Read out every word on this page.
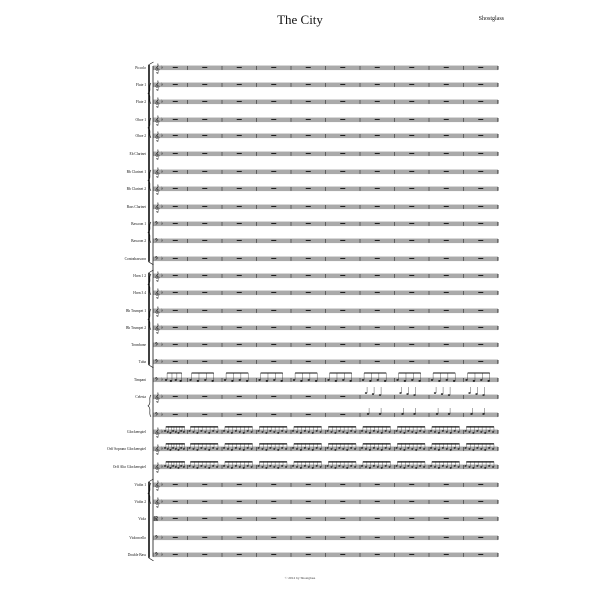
The City	Shostglass
𝄞 ♭
Piccolo
𝄞 ♭
Flute 1
𝄞 ♭
Flute 2
𝄞 ♭
Oboe 1
𝄞 ♭
Oboe 2
𝄞 ♭
Eb Clarinet
𝄞 ♭
Bb Clarinet 1
𝄞 ♭
Bb Clarinet 2
𝄞 ♭
Bass Clarinet
𝄢 ♭
Bassoon 1
𝄢 ♭
Bassoon 2
𝄢 ♭
Contrabassoon
𝄞 ♭
Horn 1 2
𝄞 ♭
Horn 3 4
𝄞 ♭
Bb Trumpet 1
𝄞 ♭
Bb Trumpet 2
𝄢 ♭
Trombone
𝄢 ♭
Tuba
𝄢 ♭
Timpani
𝄞 ♭
Celesta
𝄢 ♭
𝄞 ♭
Glockenspiel
𝄞 ♭
Orff Soprano Glockenspiel
𝄞 ♭
Orff Alto Glockenspiel
𝄞 ♭
Violin 1
𝄞 ♭
Violin 2
𝄡 ♭
Viola
𝄢 ♭
Violoncello
𝄢 ♭
Double Bass
© 2012 by Shostglass
